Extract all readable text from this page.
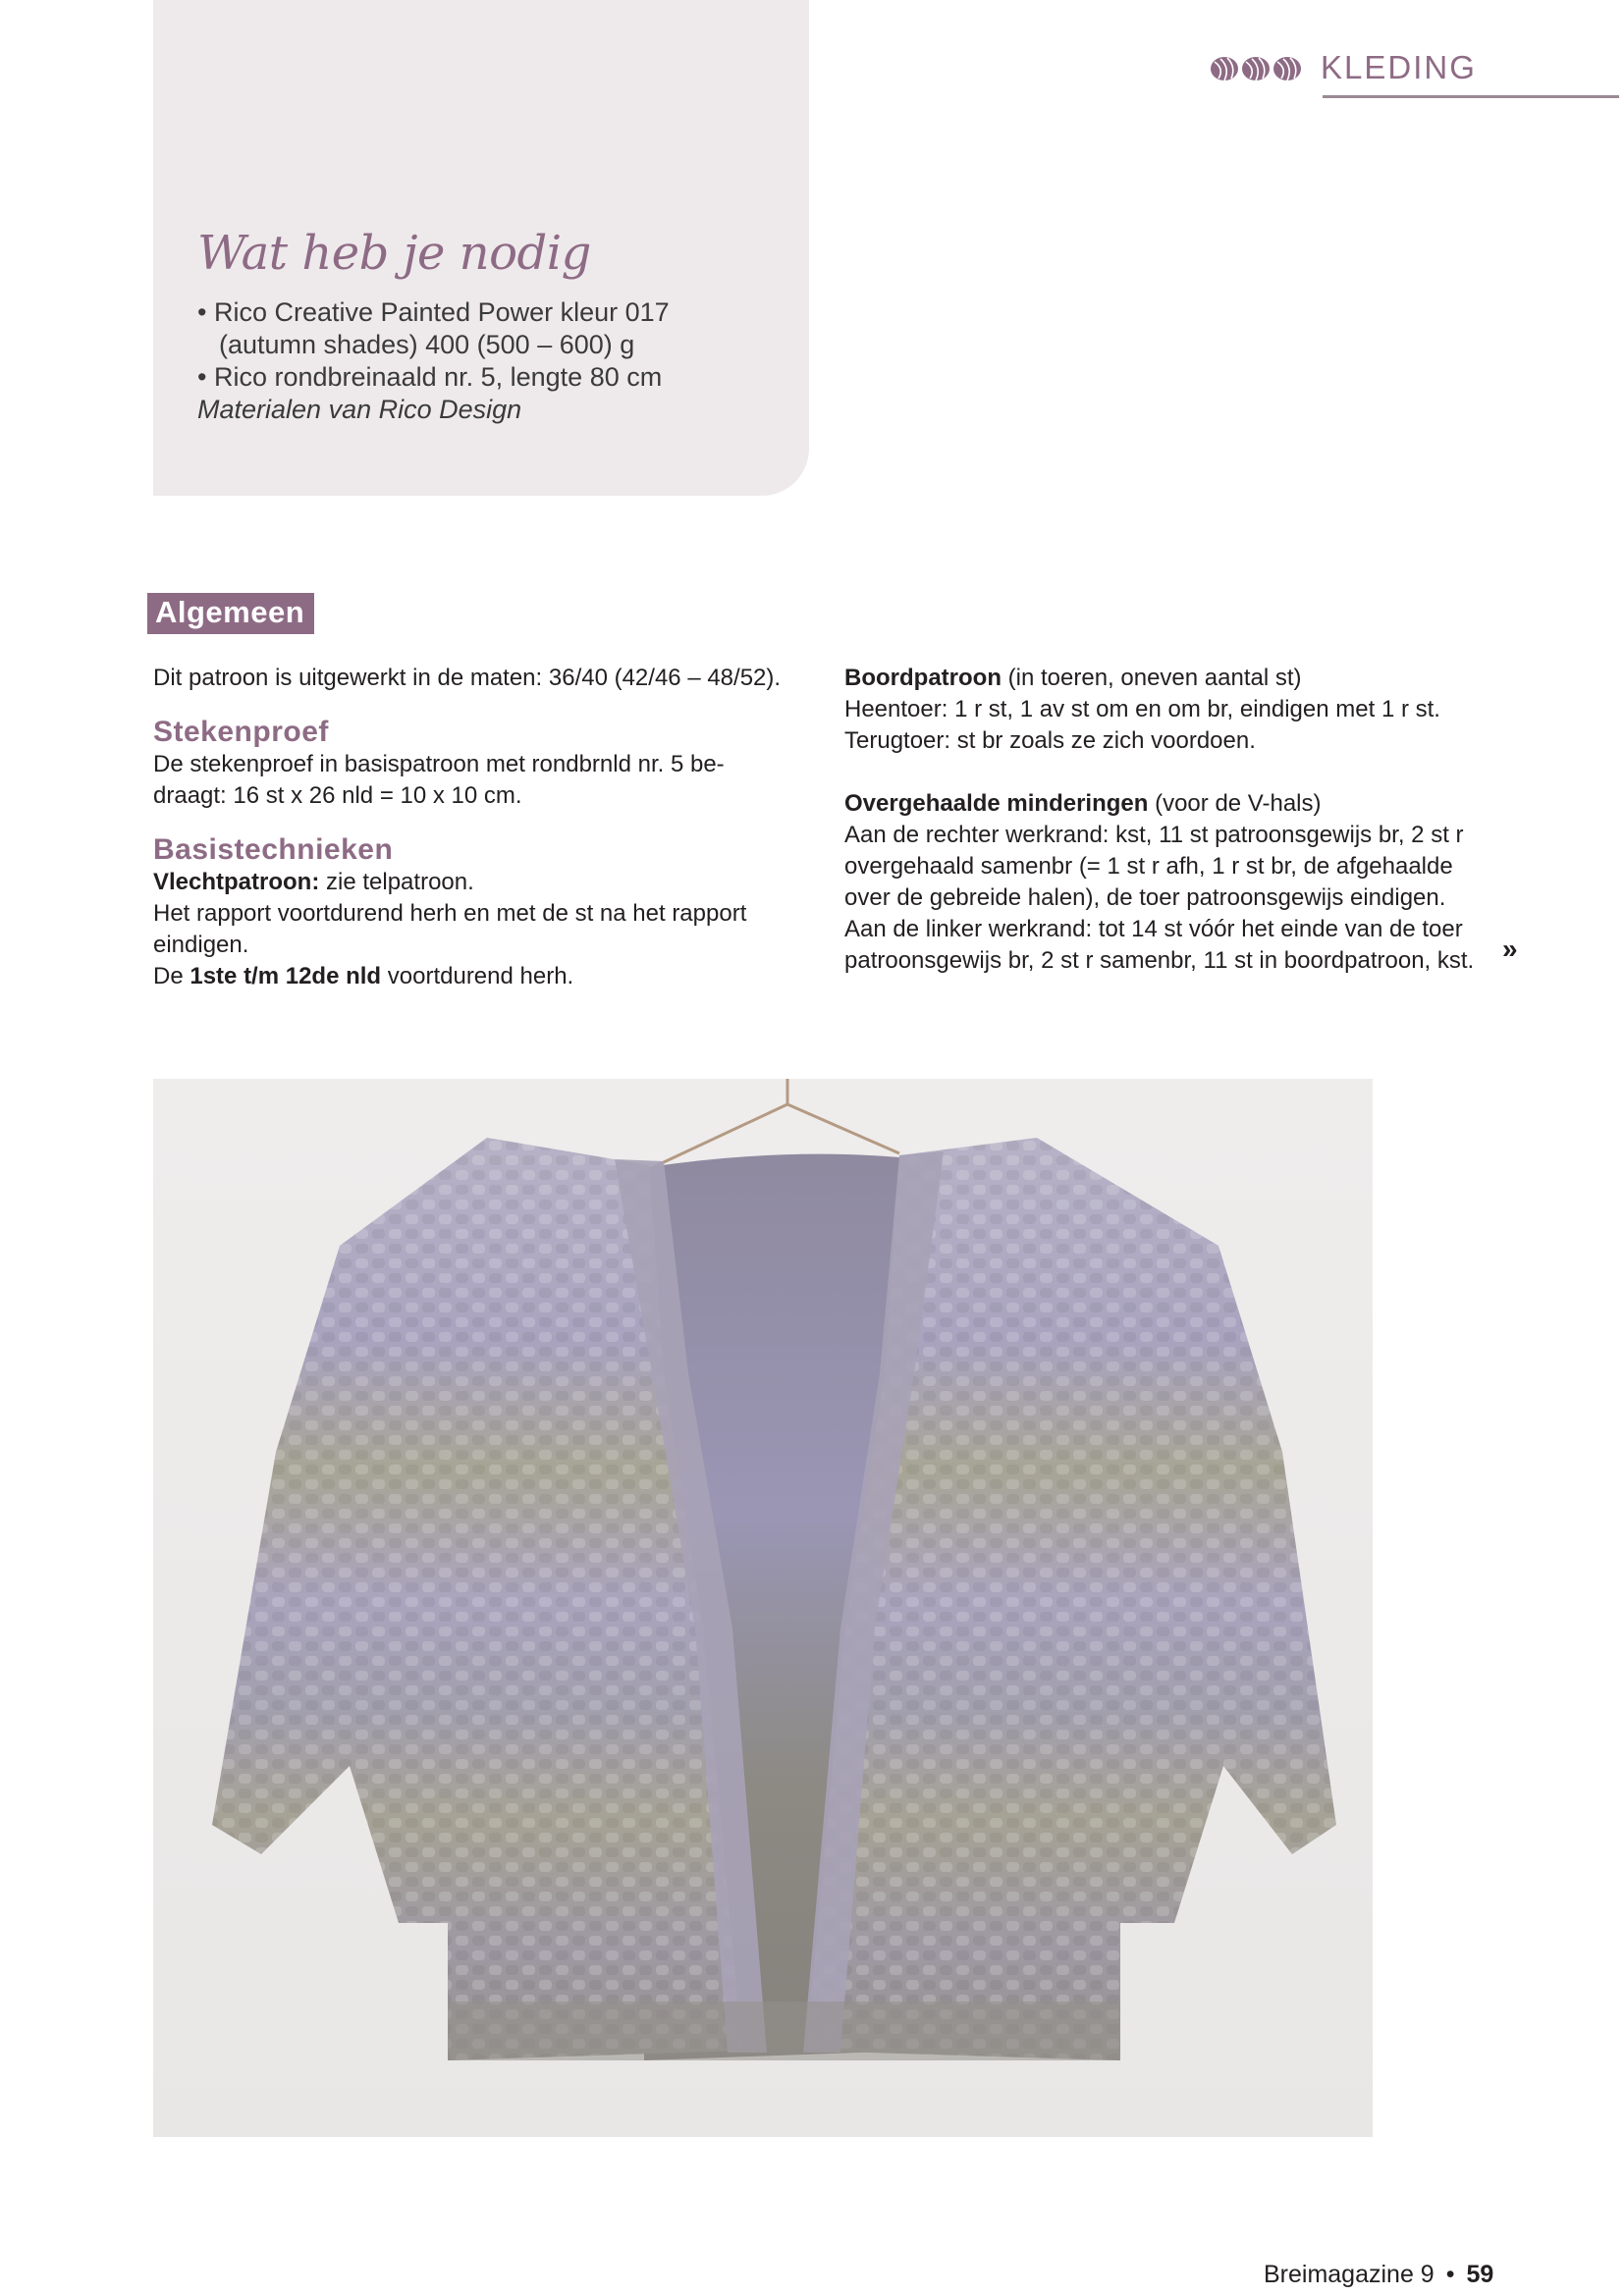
Wat heb je nodig
• Rico Creative Painted Power kleur 017
(autumn shades) 400 (500 – 600) g
• Rico rondbreinaald nr. 5, lengte 80 cm
Materialen van Rico Design
KLEDING
Algemeen

Dit patroon is uitgewerkt in de maten: 36/40 (42/46 – 48/52).

Stekenproef

De stekenproef in basispatroon met rondbrnld nr. 5 be-

draagt: 16 st x 26 nld = 10 x 10 cm.

Basistechnieken

Vlechtpatroon: zie telpatroon.

Het rapport voortdurend herh en met de st na het rapport

eindigen.

De 1ste t/m 12de nld voortdurend herh.

Boordpatroon (in toeren, oneven aantal st)

Heentoer: 1 r st, 1 av st om en om br, eindigen met 1 r st.

Terugtoer: st br zoals ze zich voordoen.

Overgehaalde minderingen (voor de V-hals)

Aan de rechter werkrand: kst, 11 st patroonsgewijs br, 2 st r

overgehaald samenbr (= 1 st r afh, 1 r st br, de afgehaalde

over de gebreide halen), de toer patroonsgewijs eindigen.

Aan de linker werkrand: tot 14 st vóór het einde van de toer

patroonsgewijs br, 2 st r samenbr, 11 st in boordpatroon, kst.	»
Breimagazine 9 • 59
